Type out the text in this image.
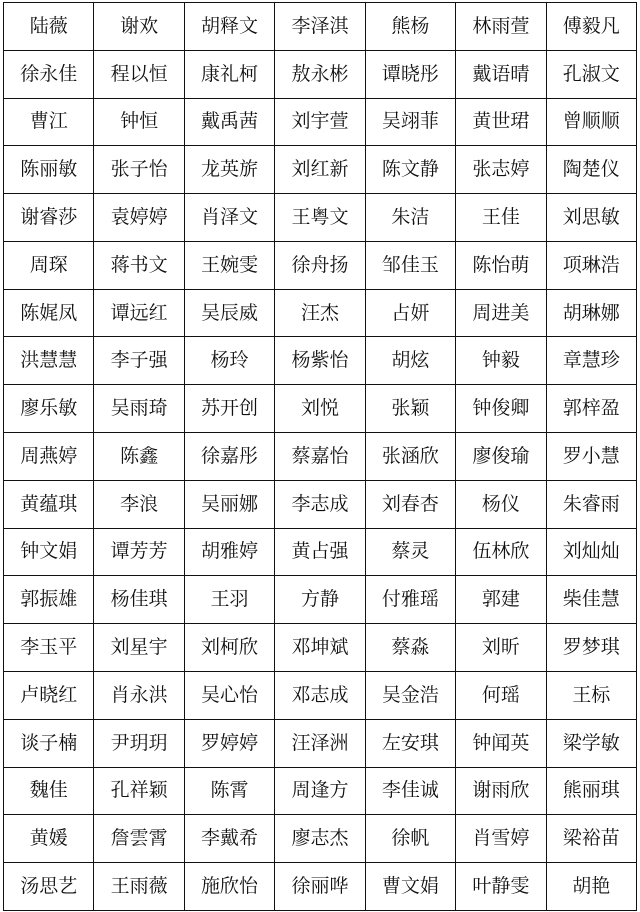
陆薇	谢欢	胡释文	李泽淇	熊杨	林雨萱	傅毅凡
徐永佳	程以恒	康礼柯	敖永彬	谭晓彤	戴语晴	孔淑文
曹江	钟恒	戴禹茜	刘宇萱	吴翊菲	黄世珺	曾顺顺
陈丽敏	张子怡	龙英旂	刘红新	陈文静	张志婷	陶楚仪
谢睿莎	袁婷婷	肖泽文	王粤文	朱洁	王佳	刘思敏
周琛	蒋书文	王婉雯	徐舟扬	邹佳玉	陈怡萌	项琳浩
陈娓凤	谭远红	吴辰威	汪杰	占妍	周进美	胡琳娜
洪慧慧	李子强	杨玲	杨紫怡	胡炫	钟毅	章慧珍
廖乐敏	吴雨琦	苏开创	刘悦	张颖	钟俊卿	郭梓盈
周燕婷	陈鑫	徐嘉彤	蔡嘉怡	张涵欣	廖俊瑜	罗小慧
黄蕴琪	李浪	吴丽娜	李志成	刘春杏	杨仪	朱睿雨
钟文娟	谭芳芳	胡雅婷	黄占强	蔡灵	伍林欣	刘灿灿
郭振雄	杨佳琪	王羽	方静	付雅瑶	郭建	柴佳慧
李玉平	刘星宇	刘柯欣	邓坤斌	蔡淼	刘昕	罗梦琪
卢晓红	肖永洪	吴心怡	邓志成	吴金浩	何瑶	王标
谈子楠	尹玥玥	罗婷婷	汪泽洲	左安琪	钟闻英	梁学敏
魏佳	孔祥颖	陈霄	周逢方	李佳诚	谢雨欣	熊丽琪
黄媛	詹雲霄	李戴希	廖志杰	徐帆	肖雪婷	梁裕苗
汤思艺	王雨薇	施欣怡	徐丽哗	曹文娟	叶静雯	胡艳
